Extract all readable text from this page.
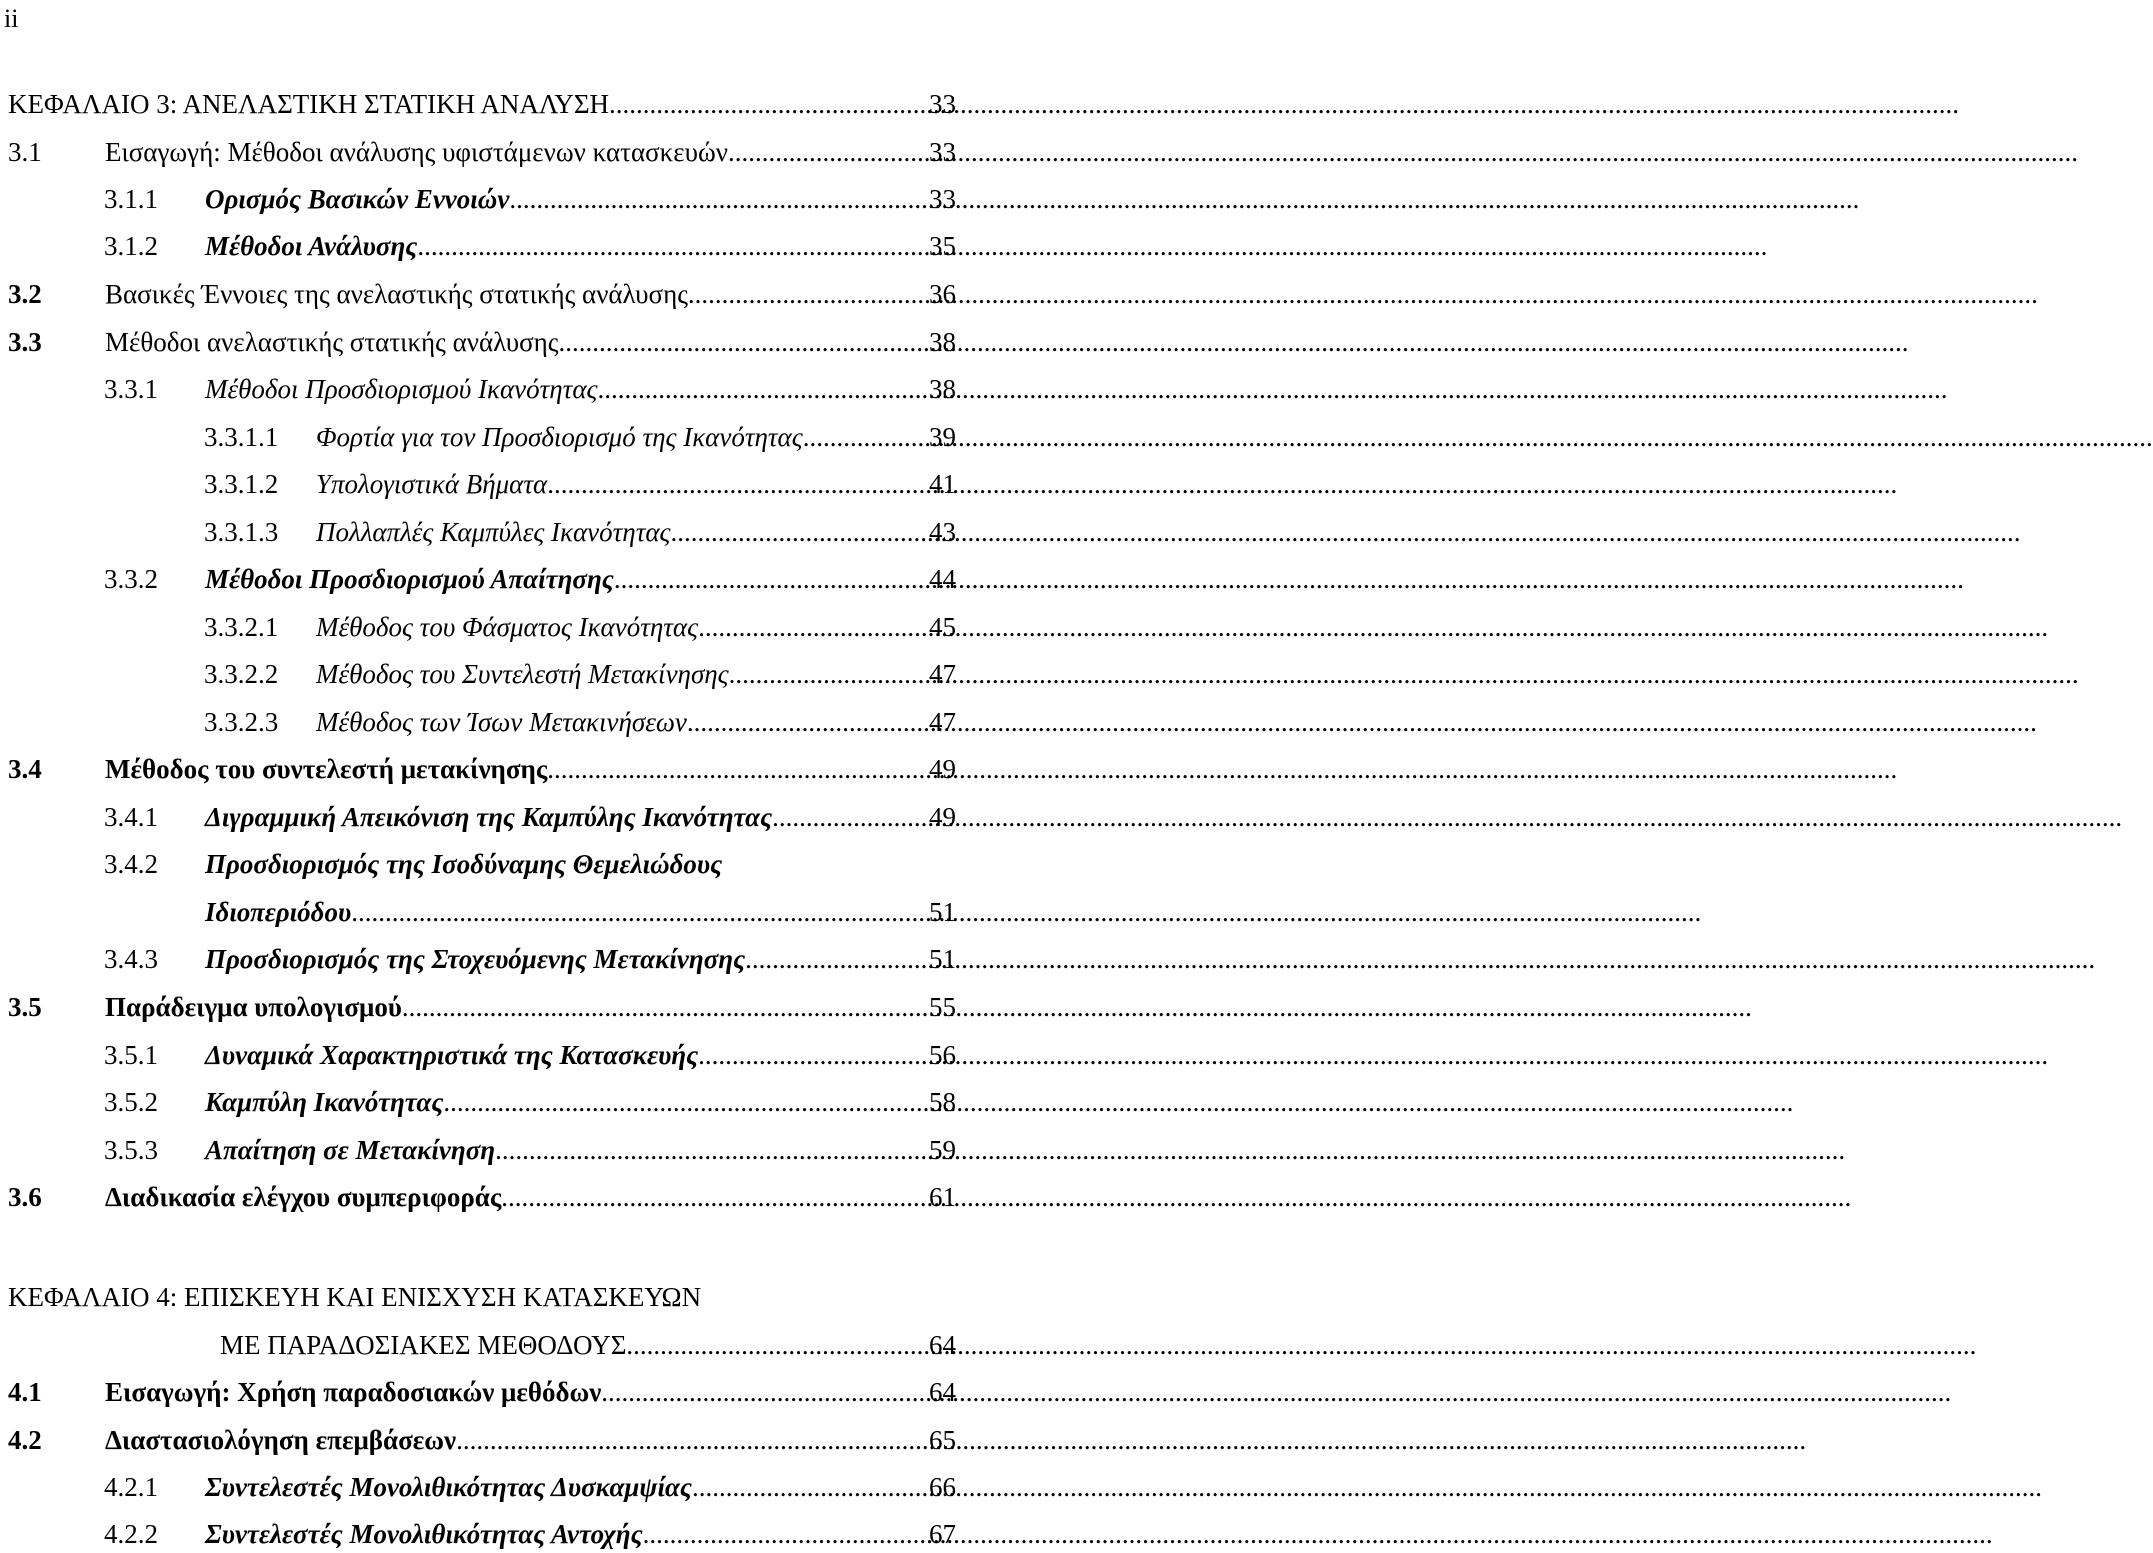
ii
ΚΕΦΑΛΑΙΟ 3: ΑΝΕΛΑΣΤΙΚΗ ΣΤΑΤΙΚΗ ΑΝΑΛΥΣΗ .....	33
3.1	Εισαγωγή: Μέθοδοι ανάλυσης υφιστάμενων κατασκευών .....	33
3.1.1	Ορισμός Βασικών Εννοιών .....	33
3.1.2	Μέθοδοι Ανάλυσης .....	35
3.2	Βασικές Έννοιες της ανελαστικής στατικής ανάλυσης .....	36
3.3	Μέθοδοι ανελαστικής στατικής ανάλυσης .....	38
3.3.1	Μέθοδοι Προσδιορισμού Ικανότητας .....	38
3.3.1.1	Φορτία για τον Προσδιορισμό της Ικανότητας .....	39
3.3.1.2	Υπολογιστικά Βήματα .....	41
3.3.1.3	Πολλαπλές Καμπύλες Ικανότητας .....	43
3.3.2	Μέθοδοι Προσδιορισμού Απαίτησης .....	44
3.3.2.1	Μέθοδος του Φάσματος Ικανότητας .....	45
3.3.2.2	Μέθοδος του Συντελεστή Μετακίνησης .....	47
3.3.2.3	Μέθοδος των Ίσων Μετακινήσεων .....	47
3.4	Μέθοδος του συντελεστή μετακίνησης .....	49
3.4.1	Διγραμμική Απεικόνιση της Καμπύλης Ικανότητας .....	49
3.4.2	Προσδιορισμός της Ισοδύναμης Θεμελιώδους
Ιδιοπεριόδου .....	51
3.4.3	Προσδιορισμός της Στοχευόμενης Μετακίνησης .....	51
3.5	Παράδειγμα υπολογισμού .....	55
3.5.1	Δυναμικά Χαρακτηριστικά της Κατασκευής .....	56
3.5.2	Καμπύλη Ικανότητας .....	58
3.5.3	Απαίτηση σε Μετακίνηση .....	59
3.6	Διαδικασία ελέγχου συμπεριφοράς .....	61
ΚΕΦΑΛΑΙΟ 4: ΕΠΙΣΚΕΥΗ ΚΑΙ ΕΝΙΣΧΥΣΗ ΚΑΤΑΣΚΕΥΩΝ
ΜΕ ΠΑΡΑΔΟΣΙΑΚΕΣ ΜΕΘΟΔΟΥΣ .....	64
4.1	Εισαγωγή: Χρήση παραδοσιακών μεθόδων .....	64
4.2	Διαστασιολόγηση επεμβάσεων .....	65
4.2.1	Συντελεστές Μονολιθικότητας Δυσκαμψίας .....	66
4.2.2	Συντελεστές Μονολιθικότητας Αντοχής .....	67
